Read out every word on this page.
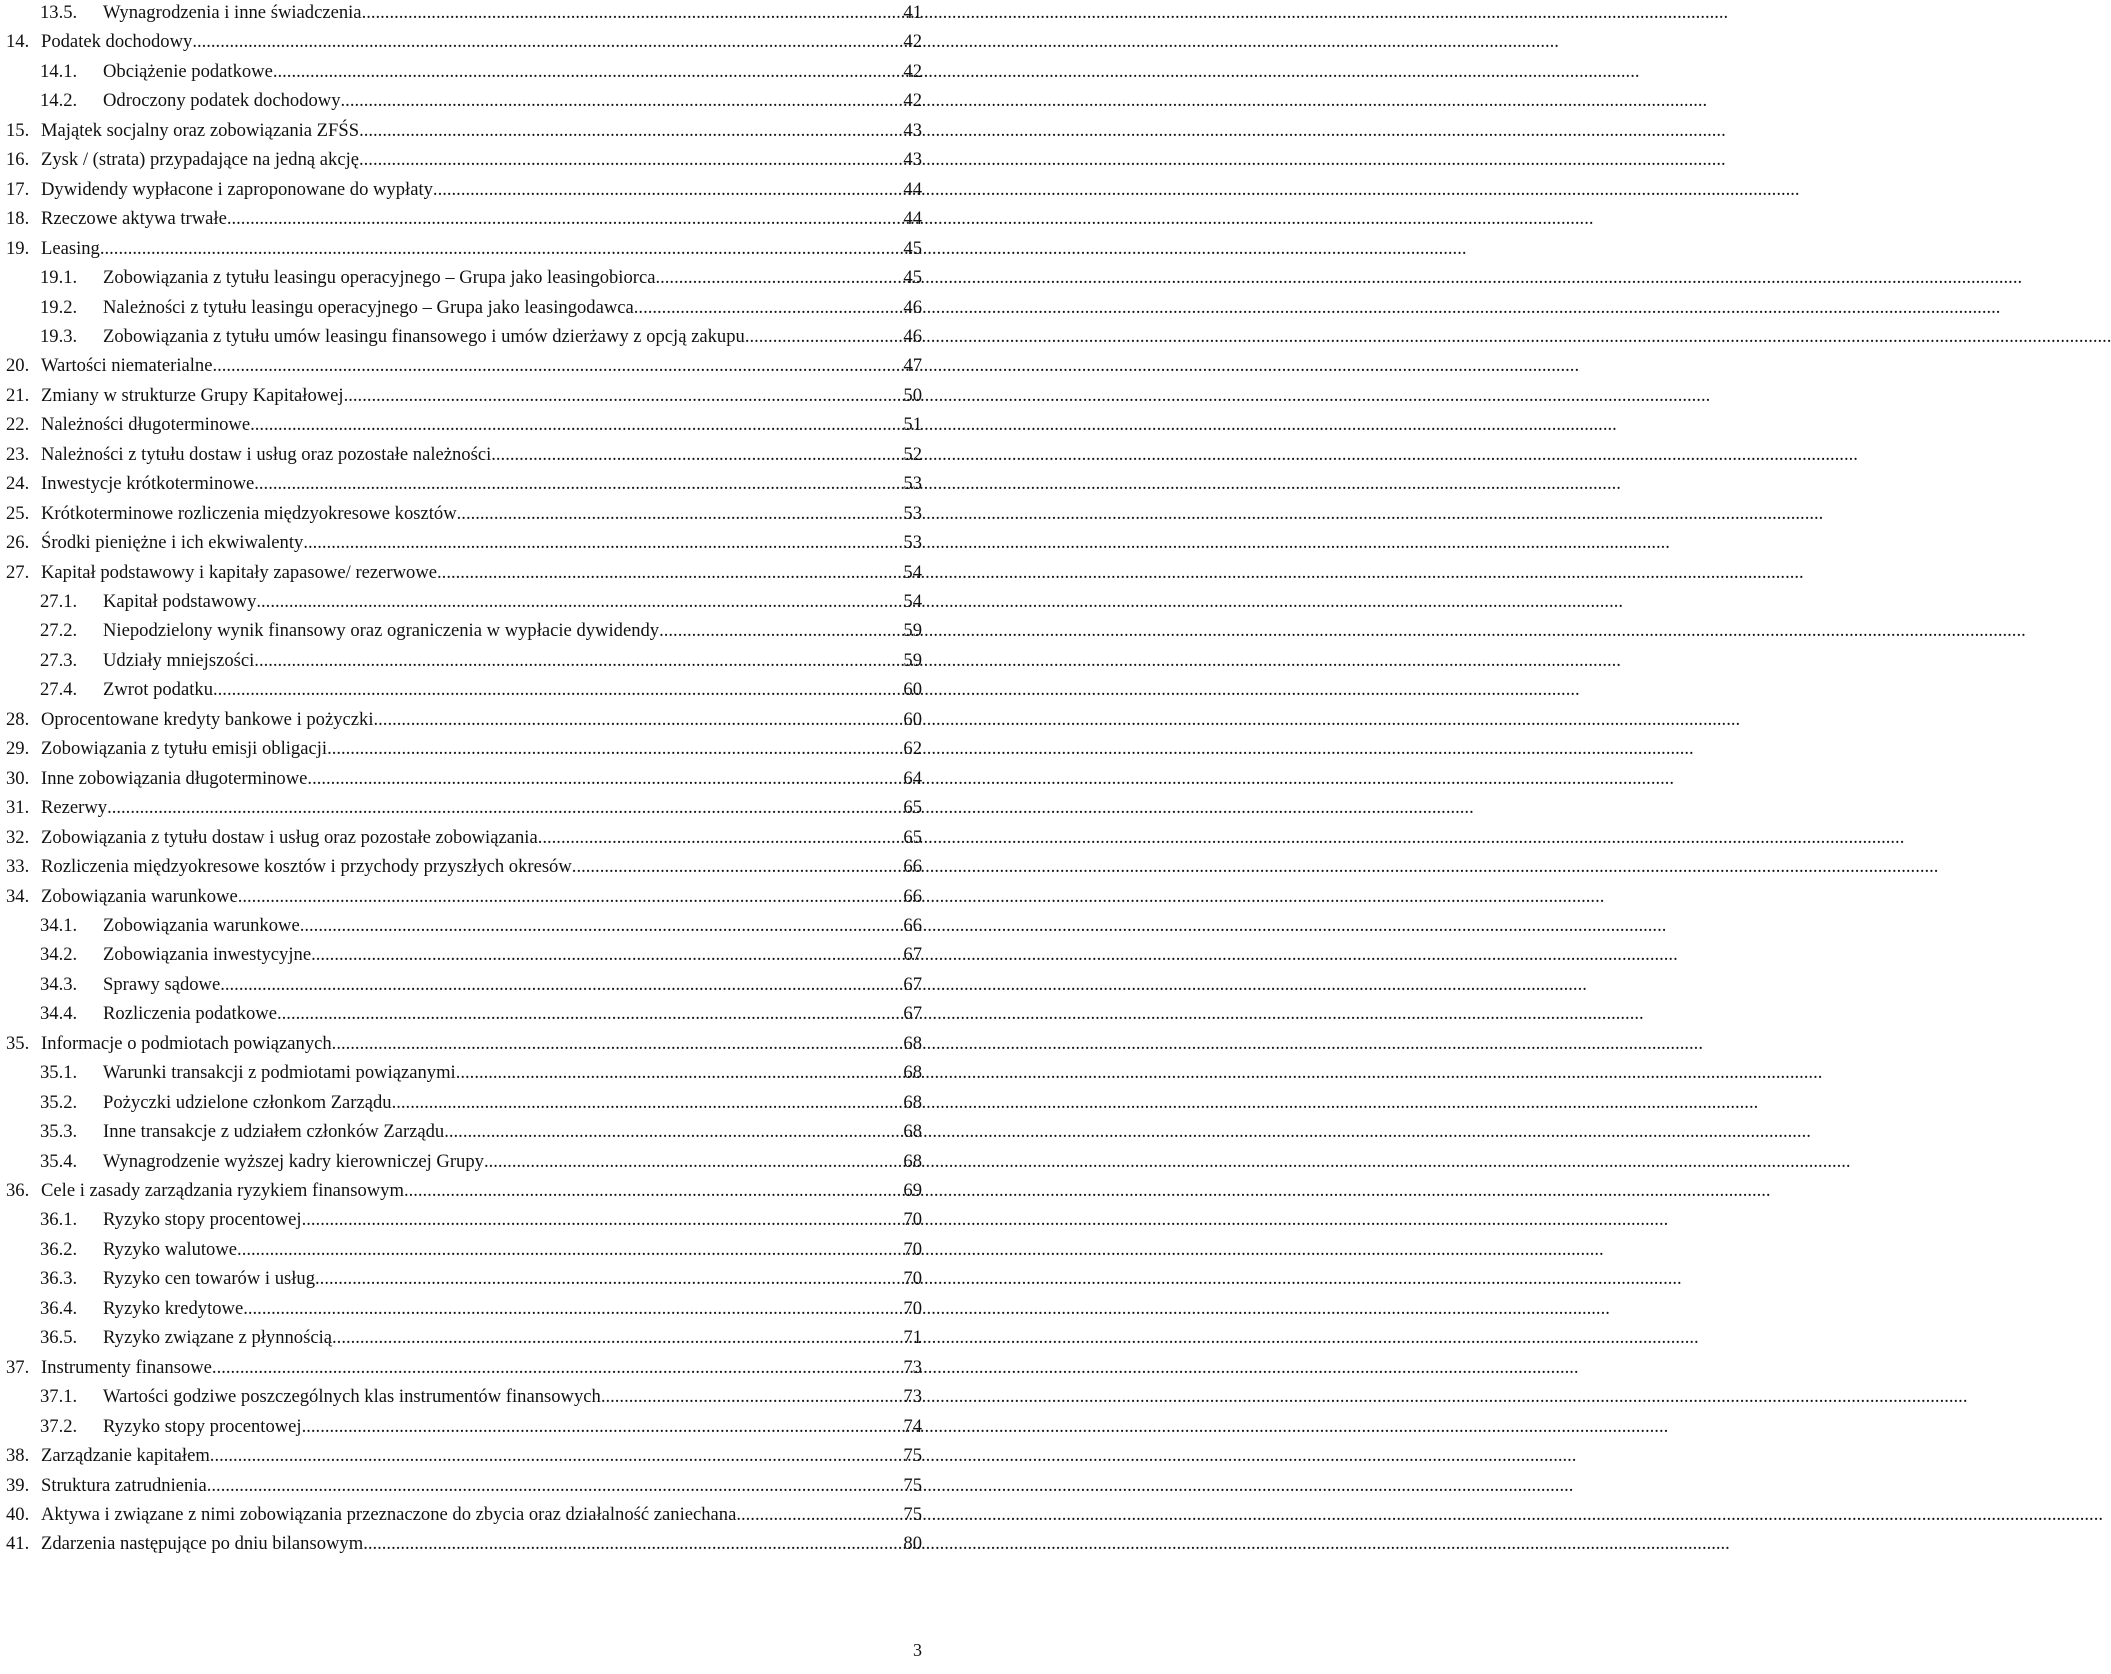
13.5.	Wynagrodzenia i inne świadczenia .....	41
14. Podatek dochodowy .....	42
14.1.	Obciążenie podatkowe .....	42
14.2.	Odroczony podatek dochodowy .....	42
15. Majątek socjalny oraz zobowiązania ZFŚS .....	43
16. Zysk / (strata) przypadające na jedną akcję .....	43
17. Dywidendy wypłacone i zaproponowane do wypłaty .....	44
18. Rzeczowe aktywa trwałe .....	44
19. Leasing .....	45
19.1.	Zobowiązania z tytułu leasingu operacyjnego – Grupa jako leasingobiorca .....	45
19.2.	Należności z tytułu leasingu operacyjnego – Grupa jako leasingodawca .....	46
19.3.	Zobowiązania z tytułu umów leasingu finansowego i umów dzierżawy z opcją zakupu .....	46
20. Wartości niematerialne .....	47
21. Zmiany w strukturze Grupy Kapitałowej .....	50
22. Należności długoterminowe .....	51
23. Należności z tytułu dostaw i usług oraz pozostałe należności .....	52
24. Inwestycje krótkoterminowe .....	53
25. Krótkoterminowe rozliczenia międzyokresowe kosztów .....	53
26. Środki pieniężne i ich ekwiwalenty .....	53
27. Kapitał podstawowy i kapitały zapasowe/ rezerwowe .....	54
27.1.	Kapitał podstawowy .....	54
27.2.	Niepodzielony wynik finansowy oraz ograniczenia w wypłacie dywidendy .....	59
27.3.	Udziały mniejszości .....	59
27.4.	Zwrot podatku .....	60
28. Oprocentowane kredyty bankowe i pożyczki .....	60
29. Zobowiązania z tytułu emisji obligacji .....	62
30. Inne zobowiązania długoterminowe .....	64
31. Rezerwy .....	65
32. Zobowiązania z tytułu dostaw i usług oraz pozostałe zobowiązania .....	65
33. Rozliczenia międzyokresowe kosztów i przychody przyszłych okresów .....	66
34. Zobowiązania warunkowe .....	66
34.1.	Zobowiązania warunkowe .....	66
34.2.	Zobowiązania inwestycyjne .....	67
34.3.	Sprawy sądowe .....	67
34.4.	Rozliczenia podatkowe .....	67
35. Informacje o podmiotach powiązanych. .....	68
35.1.	Warunki transakcji z podmiotami powiązanymi .....	68
35.2.	Pożyczki udzielone członkom Zarządu .....	68
35.3.	Inne transakcje z udziałem członków Zarządu .....	68
35.4.	Wynagrodzenie wyższej kadry kierowniczej Grupy .....	68
36. Cele i zasady zarządzania ryzykiem finansowym .....	69
36.1.	Ryzyko stopy procentowej .....	70
36.2.	Ryzyko walutowe .....	70
36.3.	Ryzyko cen towarów i usług .....	70
36.4.	Ryzyko kredytowe .....	70
36.5.	Ryzyko związane z płynnością .....	71
37. Instrumenty finansowe .....	73
37.1.	Wartości godziwe poszczególnych klas instrumentów finansowych .....	73
37.2.	Ryzyko stopy procentowej .....	74
38. Zarządzanie kapitałem .....	75
39. Struktura zatrudnienia .....	75
40. Aktywa i związane z nimi zobowiązania przeznaczone do zbycia oraz działalność zaniechana .....	75
41. Zdarzenia następujące po dniu bilansowym .....	80
3
